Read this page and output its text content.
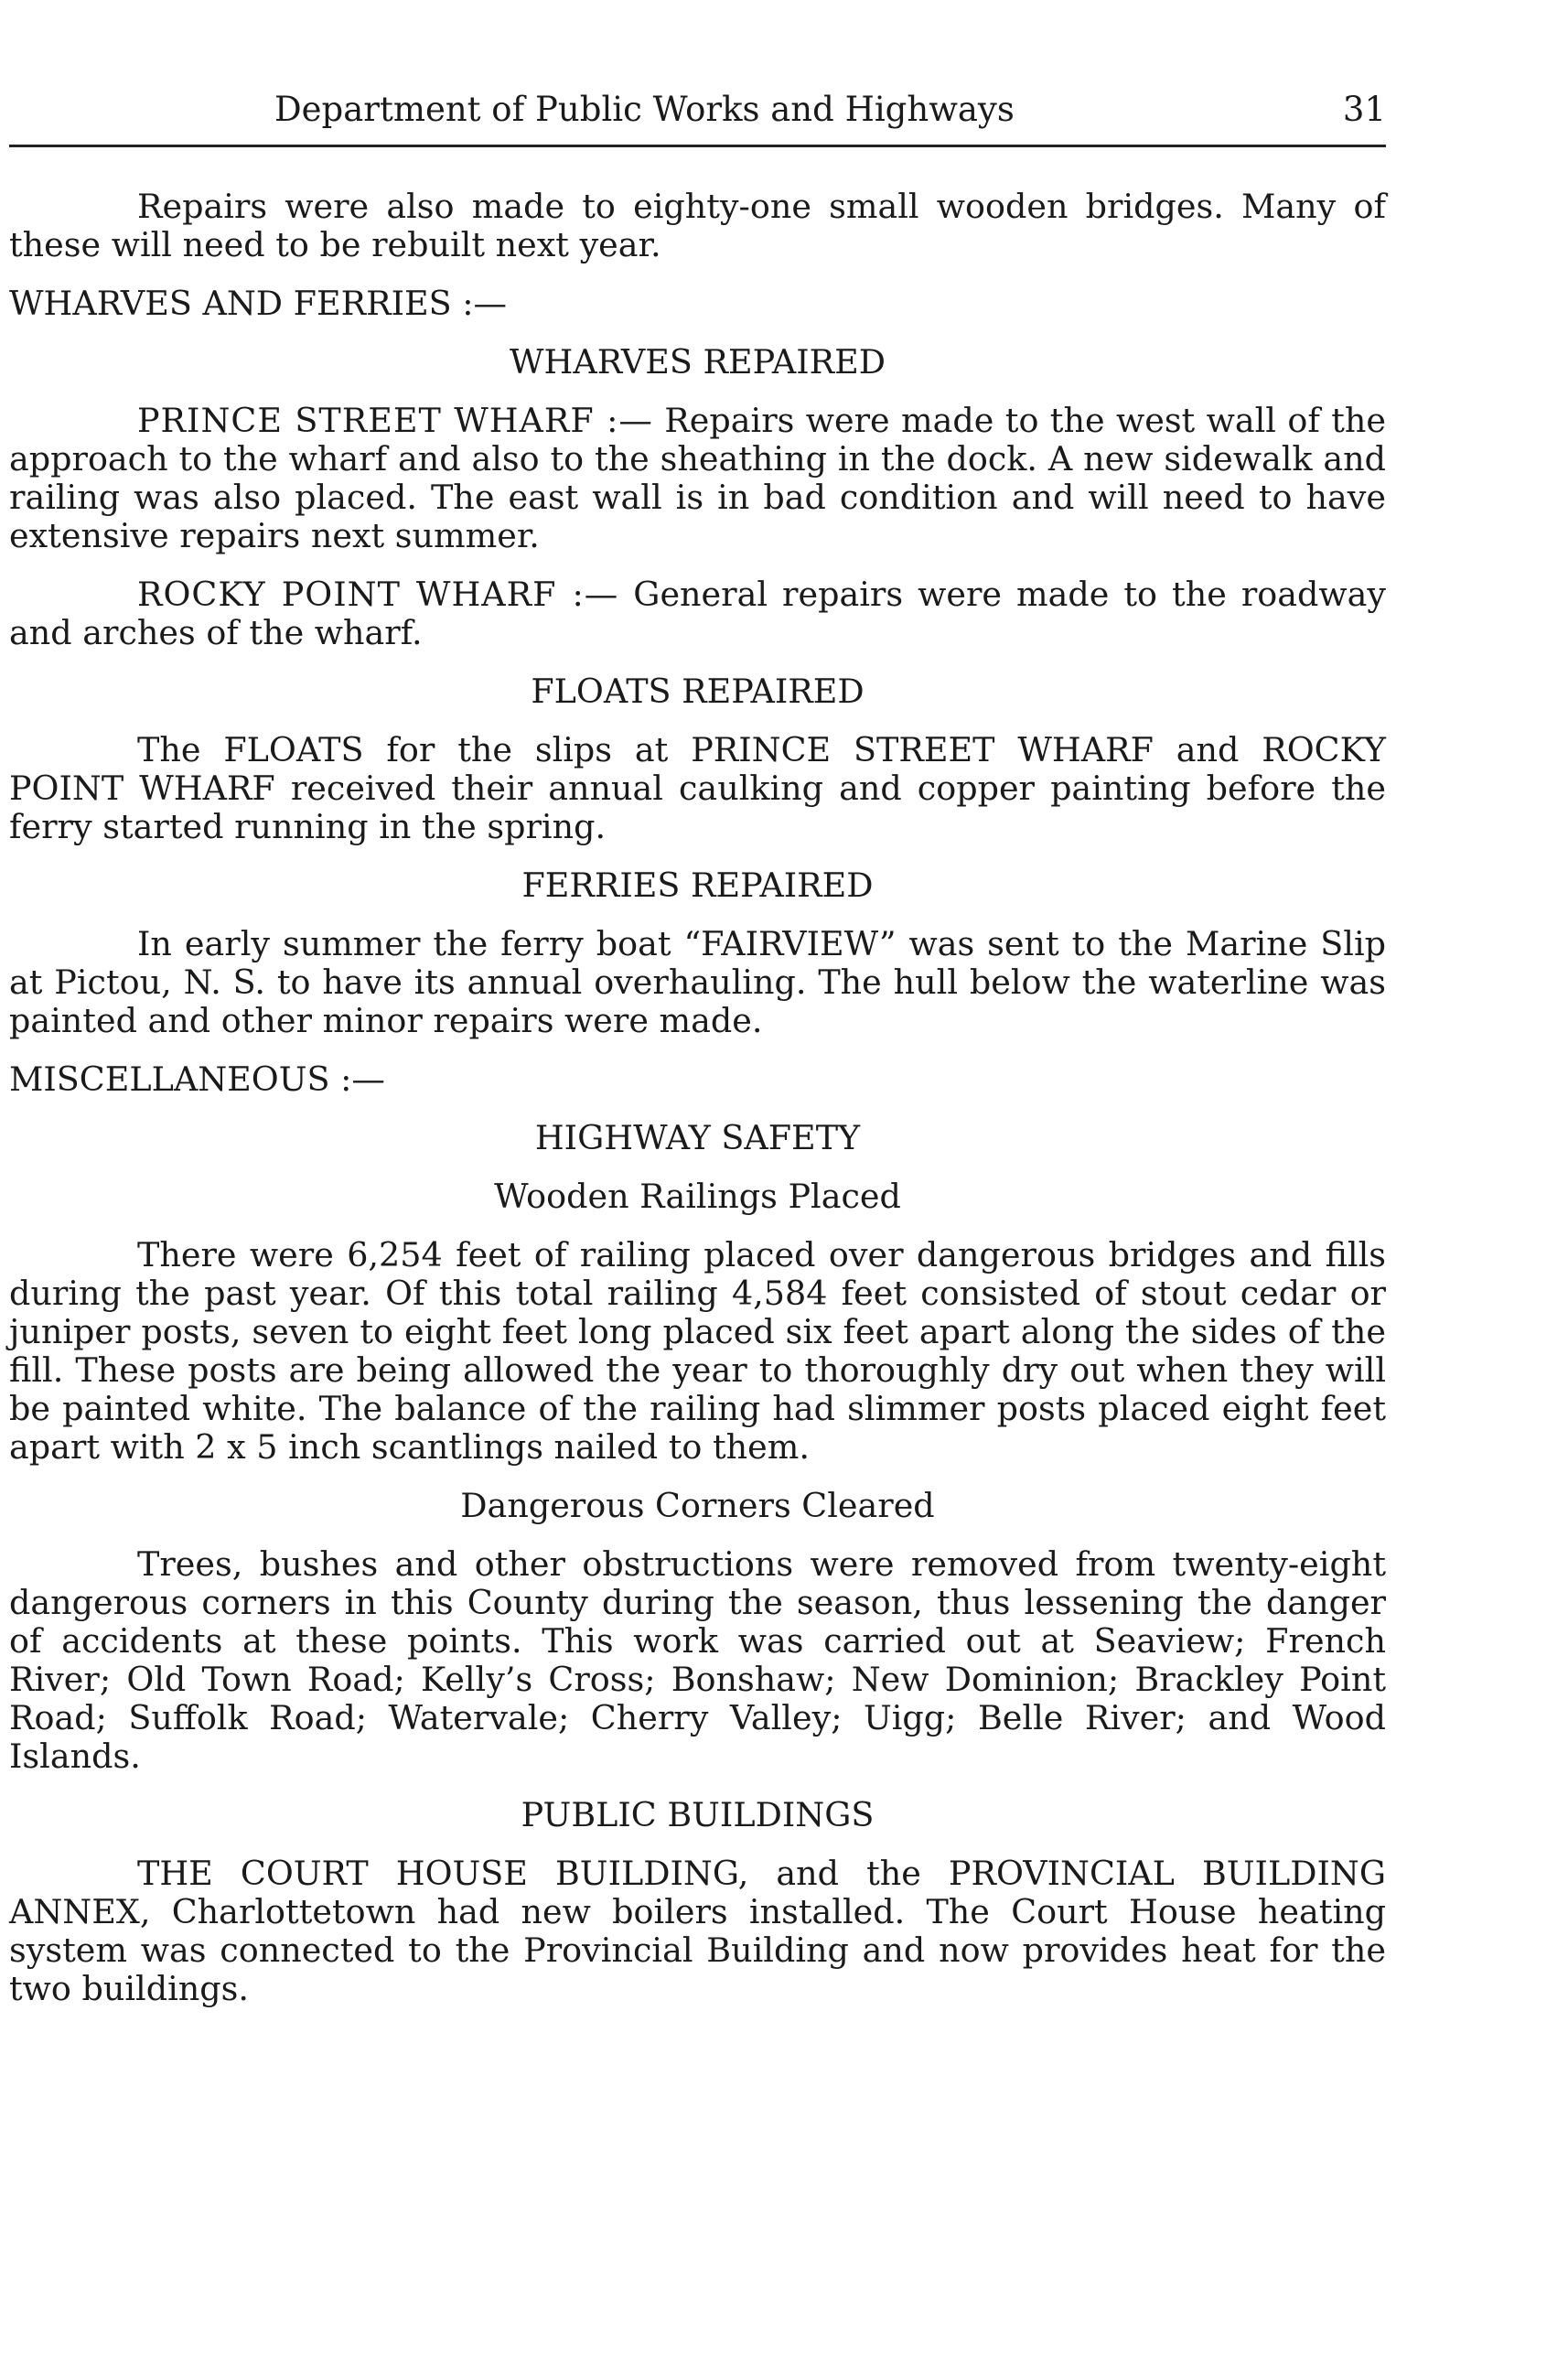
Department of Public Works and Highways	31

Repairs were also made to eighty-one small wooden bridges. Many of these will need to be rebuilt next year.

WHARVES AND FERRIES :—
WHARVES REPAIRED

PRINCE STREET WHARF :— Repairs were made to the west wall of the approach to the wharf and also to the sheathing in the dock. A new sidewalk and railing was also placed. The east wall is in bad condition and will need to have extensive repairs next summer.

ROCKY POINT WHARF :— General repairs were made to the roadway and arches of the wharf.

FLOATS REPAIRED

The FLOATS for the slips at PRINCE STREET WHARF and ROCKY POINT WHARF received their annual caulking and copper painting before the ferry started running in the spring.

FERRIES REPAIRED

In early summer the ferry boat “FAIRVIEW” was sent to the Marine Slip at Pictou, N. S. to have its annual overhauling. The hull below the waterline was painted and other minor repairs were made.

MISCELLANEOUS :—
HIGHWAY SAFETY
Wooden Railings Placed

There were 6,254 feet of railing placed over dangerous bridges and fills during the past year. Of this total railing 4,584 feet consisted of stout cedar or juniper posts, seven to eight feet long placed six feet apart along the sides of the fill. These posts are being allowed the year to thoroughly dry out when they will be painted white. The balance of the railing had slimmer posts placed eight feet apart with 2 x 5 inch scantlings nailed to them.

Dangerous Corners Cleared

Trees, bushes and other obstructions were removed from twenty-eight dangerous corners in this County during the season, thus lessening the danger of accidents at these points. This work was carried out at Seaview; French River; Old Town Road; Kelly’s Cross; Bonshaw; New Dominion; Brackley Point Road; Suffolk Road; Watervale; Cherry Valley; Uigg; Belle River; and Wood Islands.

PUBLIC BUILDINGS

THE COURT HOUSE BUILDING, and the PROVINCIAL BUILDING ANNEX, Charlottetown had new boilers installed. The Court House heating system was connected to the Provincial Building and now provides heat for the two buildings.
